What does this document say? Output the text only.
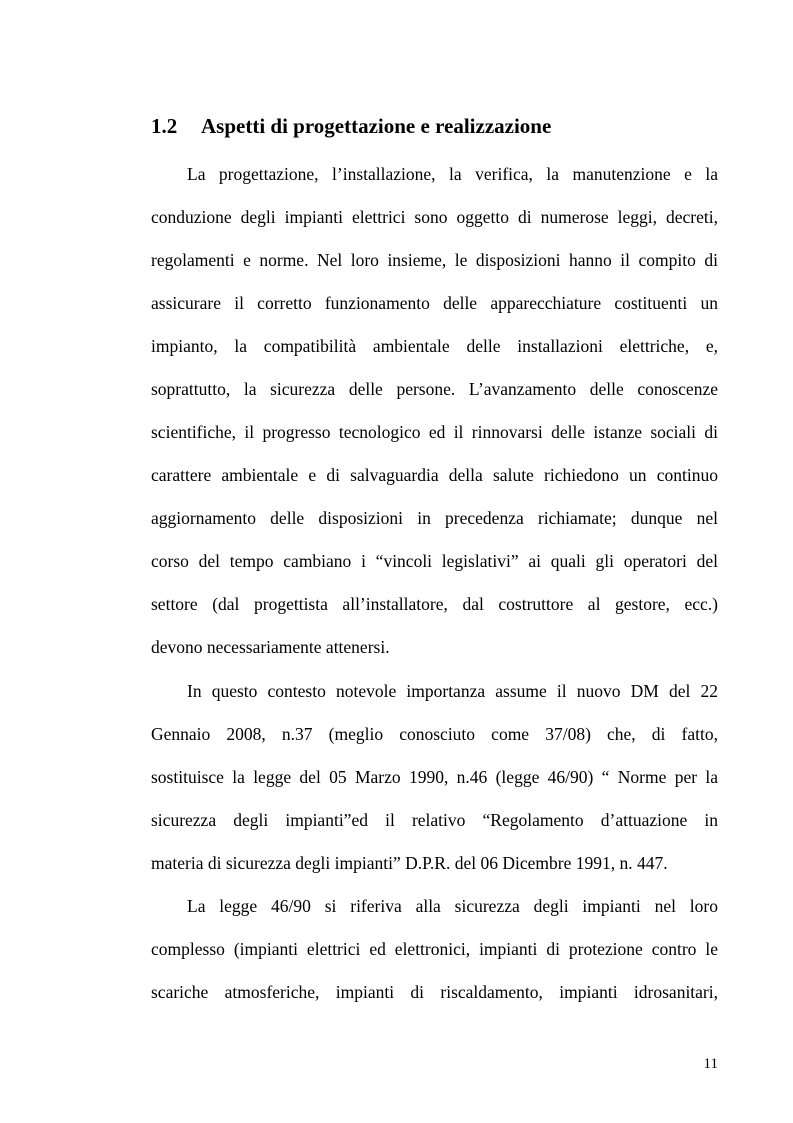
1.2 Aspetti di progettazione e realizzazione
La progettazione, l’installazione, la verifica, la manutenzione e la
conduzione degli impianti elettrici sono oggetto di numerose leggi, decreti,
regolamenti e norme. Nel loro insieme, le disposizioni hanno il compito di
assicurare il corretto funzionamento delle apparecchiature costituenti un
impianto, la compatibilità ambientale delle installazioni elettriche, e,
soprattutto, la sicurezza delle persone. L’avanzamento delle conoscenze
scientifiche, il progresso tecnologico ed il rinnovarsi delle istanze sociali di
carattere ambientale e di salvaguardia della salute richiedono un continuo
aggiornamento delle disposizioni in precedenza richiamate; dunque nel
corso del tempo cambiano i “vincoli legislativi” ai quali gli operatori del
settore (dal progettista all’installatore, dal costruttore al gestore, ecc.)
devono necessariamente attenersi.
In questo contesto notevole importanza assume il nuovo DM del 22
Gennaio 2008, n.37 (meglio conosciuto come 37/08) che, di fatto,
sostituisce la legge del 05 Marzo 1990, n.46 (legge 46/90) “ Norme per la
sicurezza degli impianti”ed il relativo “Regolamento d’attuazione in
materia di sicurezza degli impianti” D.P.R. del 06 Dicembre 1991, n. 447.
La legge 46/90 si riferiva alla sicurezza degli impianti nel loro
complesso (impianti elettrici ed elettronici, impianti di protezione contro le
scariche atmosferiche, impianti di riscaldamento, impianti idrosanitari,
11
